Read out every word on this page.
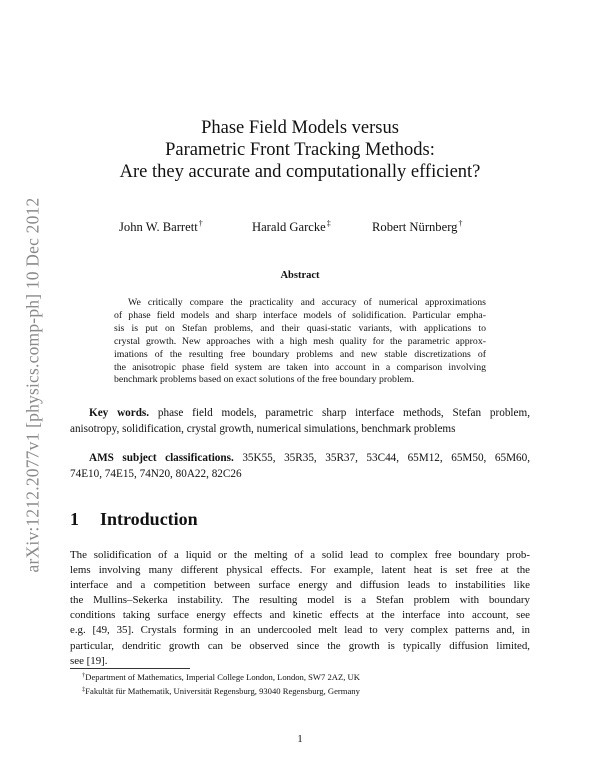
arXiv:1212.2077v1 [physics.comp-ph] 10 Dec 2012
Phase Field Models versus
Parametric Front Tracking Methods:
Are they accurate and computationally efficient?
John W. Barrett†	Harald Garcke‡	Robert Nürnberg†
Abstract
We critically compare the practicality and accuracy of numerical approximations
of phase field models and sharp interface models of solidification. Particular empha-
sis is put on Stefan problems, and their quasi-static variants, with applications to
crystal growth. New approaches with a high mesh quality for the parametric approx-
imations of the resulting free boundary problems and new stable discretizations of
the anisotropic phase field system are taken into account in a comparison involving
benchmark problems based on exact solutions of the free boundary problem.
Key words. phase field models, parametric sharp interface methods, Stefan problem,
anisotropy, solidification, crystal growth, numerical simulations, benchmark problems
AMS subject classifications. 35K55, 35R35, 35R37, 53C44, 65M12, 65M50, 65M60,
74E10, 74E15, 74N20, 80A22, 82C26
1 Introduction
The solidification of a liquid or the melting of a solid lead to complex free boundary prob-
lems involving many different physical effects. For example, latent heat is set free at the
interface and a competition between surface energy and diffusion leads to instabilities like
the Mullins–Sekerka instability. The resulting model is a Stefan problem with boundary
conditions taking surface energy effects and kinetic effects at the interface into account, see
e.g. [49, 35]. Crystals forming in an undercooled melt lead to very complex patterns and, in
particular, dendritic growth can be observed since the growth is typically diffusion limited,
see [19].
†Department of Mathematics, Imperial College London, London, SW7 2AZ, UK
‡Fakultät für Mathematik, Universität Regensburg, 93040 Regensburg, Germany
1
